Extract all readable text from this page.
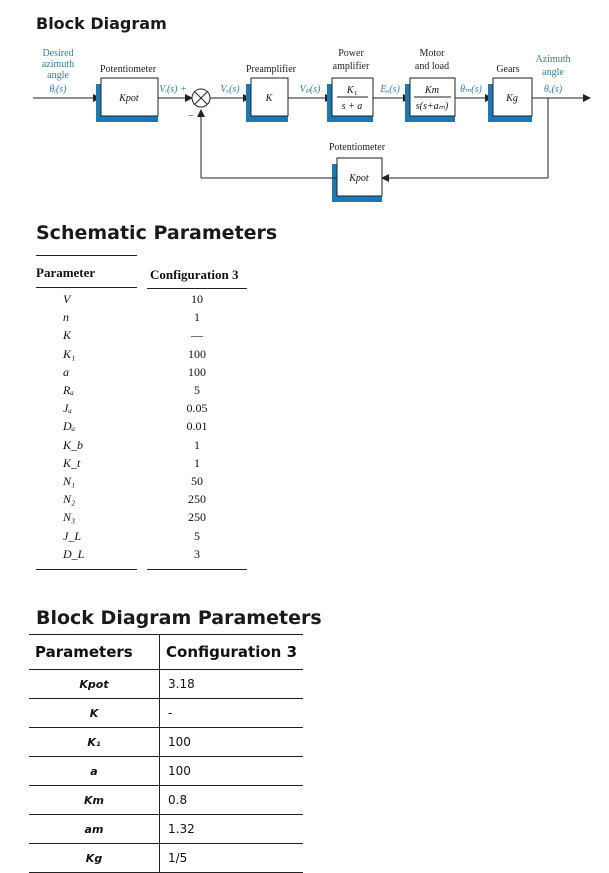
Block Diagram
Desired
azimuth
angle
θᵢ(s)
Potentiometer
Kpot
Vᵢ(s) +
−
Vₑ(s)
Preamplifier
K
Vₚ(s)
Power
amplifier
K₁
s + a
Eₐ(s)
Motor
and load
Km
s(s+aₘ)
θₘ(s)
Gears
Kg
Azimuth
angle
θₒ(s)
Potentiometer
Kpot
Schematic Parameters
Parameter	Configuration 3
V	10
n	1
K	—
K₁	100
a	100
Rₐ	5
Jₐ	0.05
Dₐ	0.01
K_b	1
K_t	1
N₁	50
N₂	250
N₃	250
J_L	5
D_L	3
Block Diagram Parameters
Parameters	Configuration 3
Kpot	3.18
K	-
K₁	100
a	100
Km	0.8
am	1.32
Kg	1/5
